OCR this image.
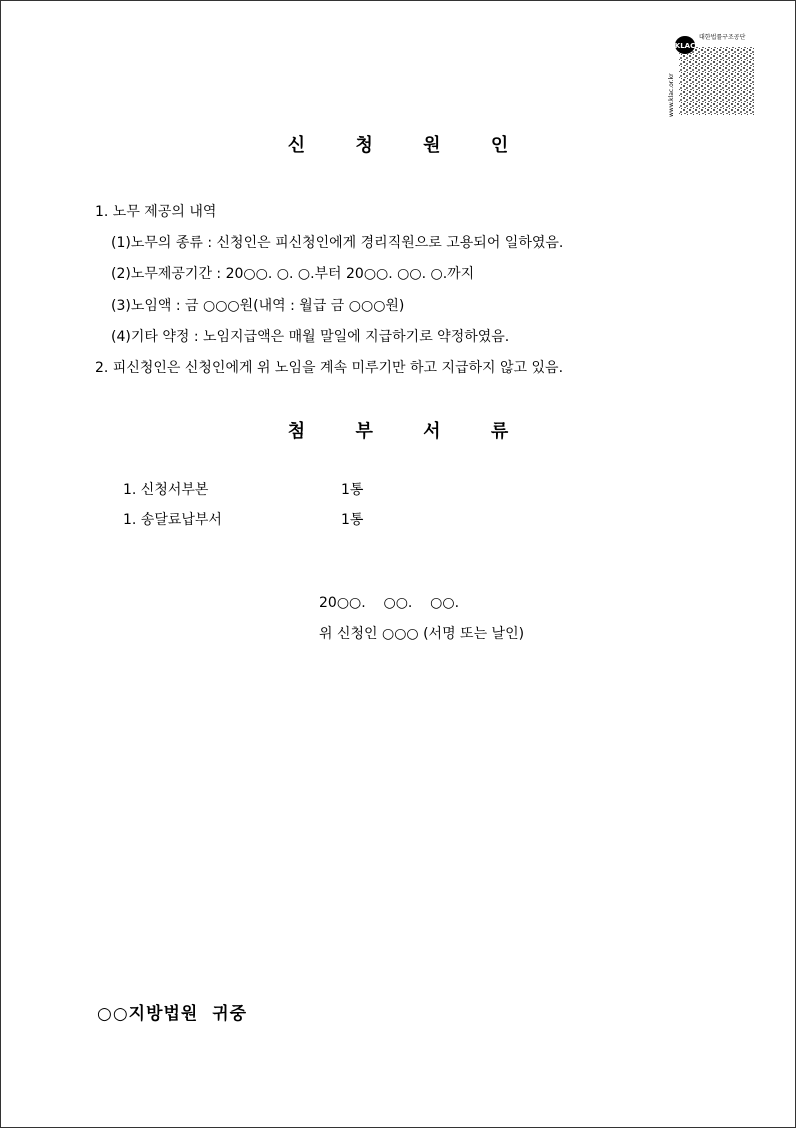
KLAC
대한법률구조공단
www.klac.or.kr
신	청	원	인
1. 노무 제공의 내역
(1)노무의 종류 : 신청인은 피신청인에게 경리직원으로 고용되어 일하였음.
(2)노무제공기간 : 20○○. ○. ○.부터 20○○. ○○. ○.까지
(3)노임액 : 금 ○○○원(내역 : 월급 금 ○○○원)
(4)기타 약정 : 노임지급액은 매월 말일에 지급하기로 약정하였음.
2. 피신청인은 신청인에게 위 노임을 계속 미루기만 하고 지급하지 않고 있음.
첨	부	서	류
1. 신청서부본	1통
1. 송달료납부서	1통
20○○.    ○○.    ○○.
위 신청인 ○○○ (서명 또는 날인)
○○지방법원  귀중
